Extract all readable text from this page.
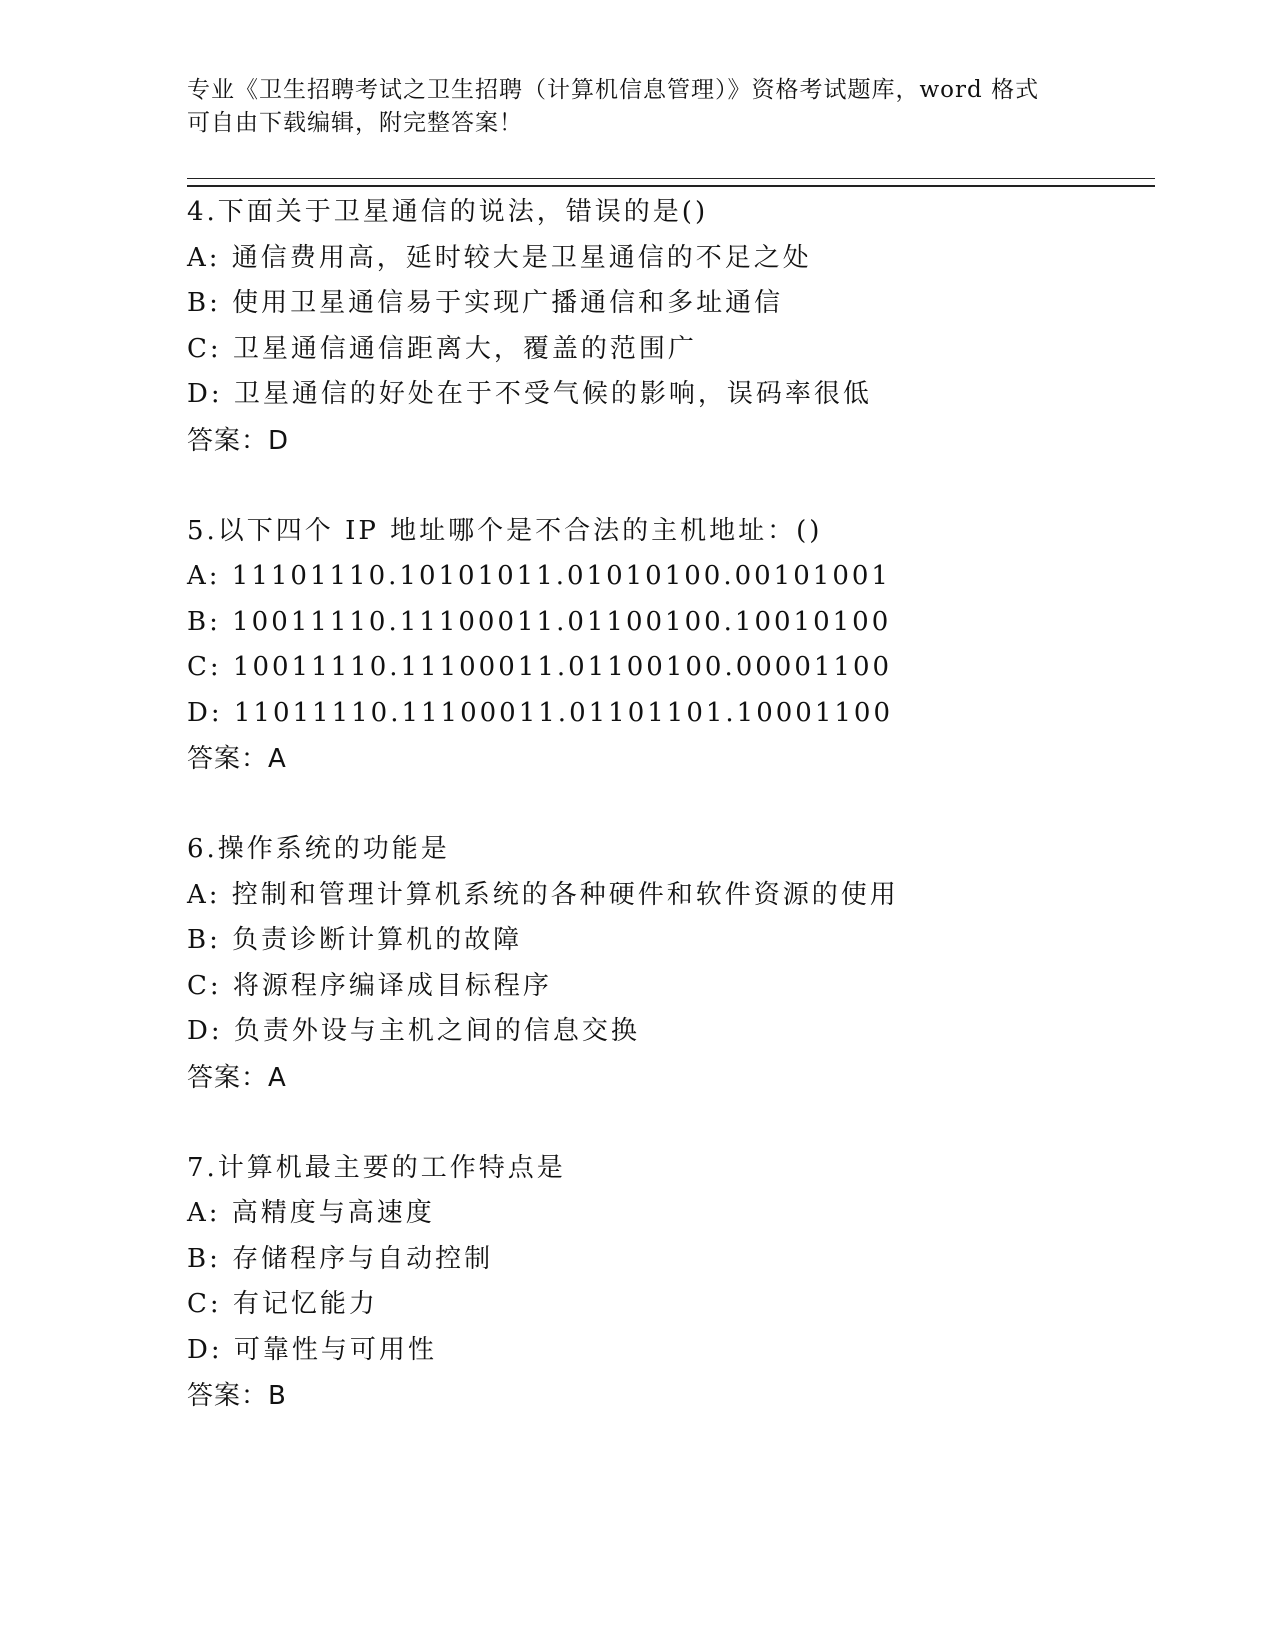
专业《卫生招聘考试之卫生招聘（计算机信息管理）》资格考试题库，word 格式
可自由下载编辑，附完整答案！
4.下面关于卫星通信的说法，错误的是()
A: 通信费用高，延时较大是卫星通信的不足之处
B: 使用卫星通信易于实现广播通信和多址通信
C: 卫星通信通信距离大，覆盖的范围广
D: 卫星通信的好处在于不受气候的影响，误码率很低
答案：D
5.以下四个 IP 地址哪个是不合法的主机地址：()
A: 11101110.10101011.01010100.00101001
B: 10011110.11100011.01100100.10010100
C: 10011110.11100011.01100100.00001100
D: 11011110.11100011.01101101.10001100
答案：A
6.操作系统的功能是
A: 控制和管理计算机系统的各种硬件和软件资源的使用
B: 负责诊断计算机的故障
C: 将源程序编译成目标程序
D: 负责外设与主机之间的信息交换
答案：A
7.计算机最主要的工作特点是
A: 高精度与高速度
B: 存储程序与自动控制
C: 有记忆能力
D: 可靠性与可用性
答案：B
